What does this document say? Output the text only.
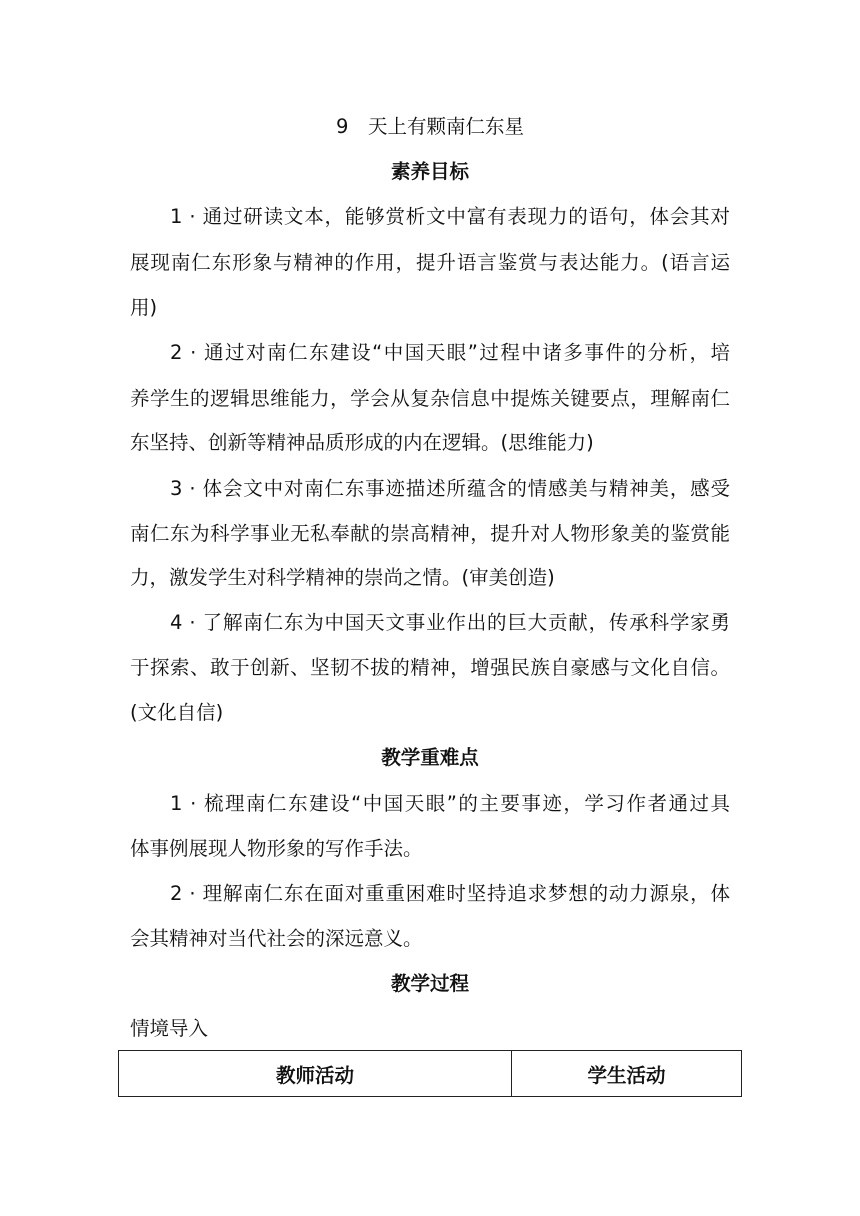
9　天上有颗南仁东星
素养目标
1 · 通过研读文本，能够赏析文中富有表现力的语句，体会其对
展现南仁东形象与精神的作用，提升语言鉴赏与表达能力。(语言运
用)
2 · 通过对南仁东建设“中国天眼”过程中诸多事件的分析，培
养学生的逻辑思维能力，学会从复杂信息中提炼关键要点，理解南仁
东坚持、创新等精神品质形成的内在逻辑。(思维能力)
3 · 体会文中对南仁东事迹描述所蕴含的情感美与精神美，感受
南仁东为科学事业无私奉献的崇高精神，提升对人物形象美的鉴赏能
力，激发学生对科学精神的崇尚之情。(审美创造)
4 · 了解南仁东为中国天文事业作出的巨大贡献，传承科学家勇
于探索、敢于创新、坚韧不拔的精神，增强民族自豪感与文化自信。
(文化自信)
教学重难点
1 · 梳理南仁东建设“中国天眼”的主要事迹，学习作者通过具
体事例展现人物形象的写作手法。
2 · 理解南仁东在面对重重困难时坚持追求梦想的动力源泉，体
会其精神对当代社会的深远意义。
教学过程
情境导入
教师活动	学生活动
